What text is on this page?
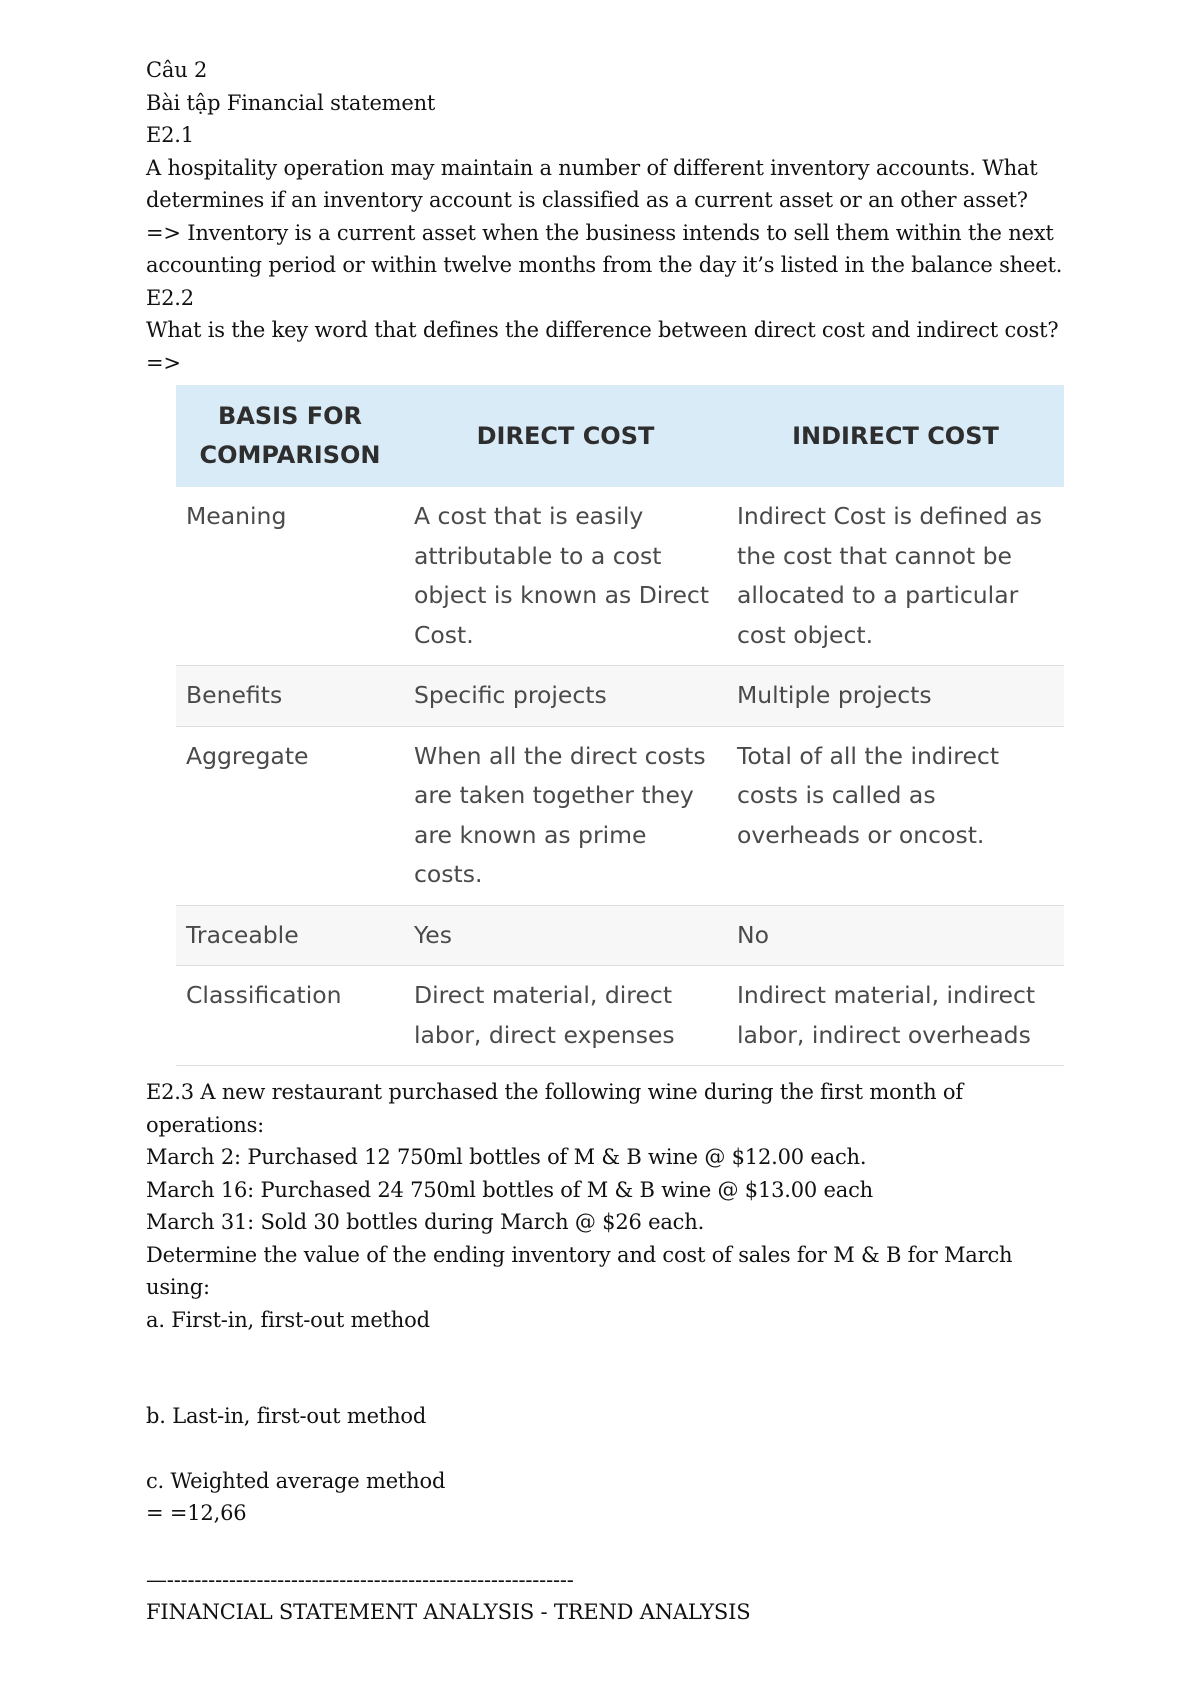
Câu 2

Bài tập Financial statement

E2.1

A hospitality operation may maintain a number of different inventory accounts. What

determines if an inventory account is classified as a current asset or an other asset?

=> Inventory is a current asset when the business intends to sell them within the next

accounting period or within twelve months from the day it’s listed in the balance sheet.

E2.2

What is the key word that defines the difference between direct cost and indirect cost?

=>

BASIS FOR COMPARISON	DIRECT COST	INDIRECT COST
Meaning	A cost that is easily attributable to a cost object is known as Direct Cost.	Indirect Cost is defined as the cost that cannot be allocated to a particular cost object.
Benefits	Specific projects	Multiple projects
Aggregate	When all the direct costs are taken together they are known as prime costs.	Total of all the indirect costs is called as overheads or oncost.
Traceable	Yes	No
Classification	Direct material, direct labor, direct expenses	Indirect material, indirect labor, indirect overheads

E2.3 A new restaurant purchased the following wine during the first month of operations:

March 2: Purchased 12 750ml bottles of M & B wine @ $12.00 each.

March 16: Purchased 24 750ml bottles of M & B wine @ $13.00 each

March 31: Sold 30 bottles during March @ $26 each.

Determine the value of the ending inventory and cost of sales for M & B for March using:

a. First-in, first-out method

b. Last-in, first-out method

c. Weighted average method

= =12,66

—-----------------------------------------------------------

FINANCIAL STATEMENT ANALYSIS - TREND ANALYSIS
